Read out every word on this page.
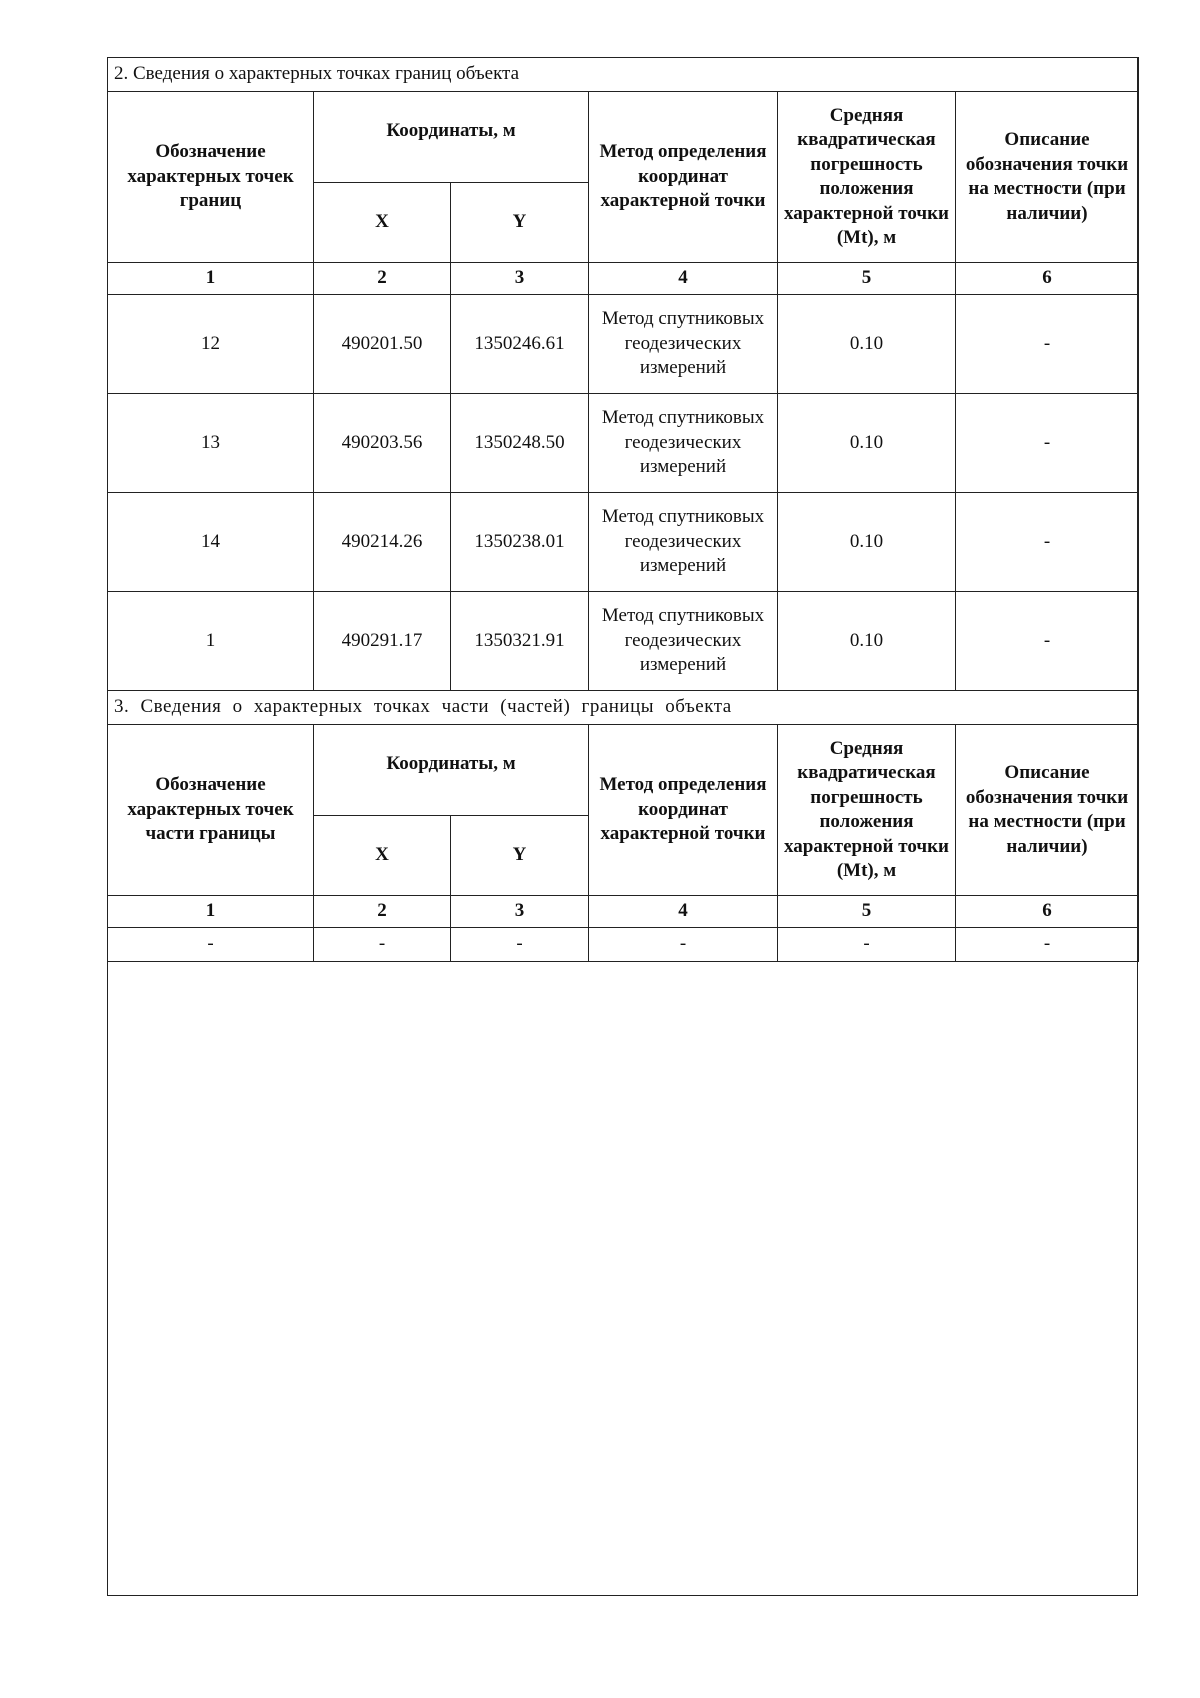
2. Сведения о характерных точках границ объекта					
Обозначение характерных точек границ	Координаты, м		Метод определения координат характерной точки	Средняя квадратическая погрешность положения характерной точки (Mt), м	Описание обозначения точки на местности (при наличии)
	X	Y			
1	2	3	4	5	6
12	490201.50	1350246.61	Метод спутниковых геодезических измерений	0.10	-
13	490203.56	1350248.50	Метод спутниковых геодезических измерений	0.10	-
14	490214.26	1350238.01	Метод спутниковых геодезических измерений	0.10	-
1	490291.17	1350321.91	Метод спутниковых геодезических измерений	0.10	-
3. Сведения о характерных точках части (частей) границы объекта					
Обозначение характерных точек части границы	Координаты, м		Метод определения координат характерной точки	Средняя квадратическая погрешность положения характерной точки (Mt), м	Описание обозначения точки на местности (при наличии)
	X	Y			
1	2	3	4	5	6
-	-	-	-	-	-
